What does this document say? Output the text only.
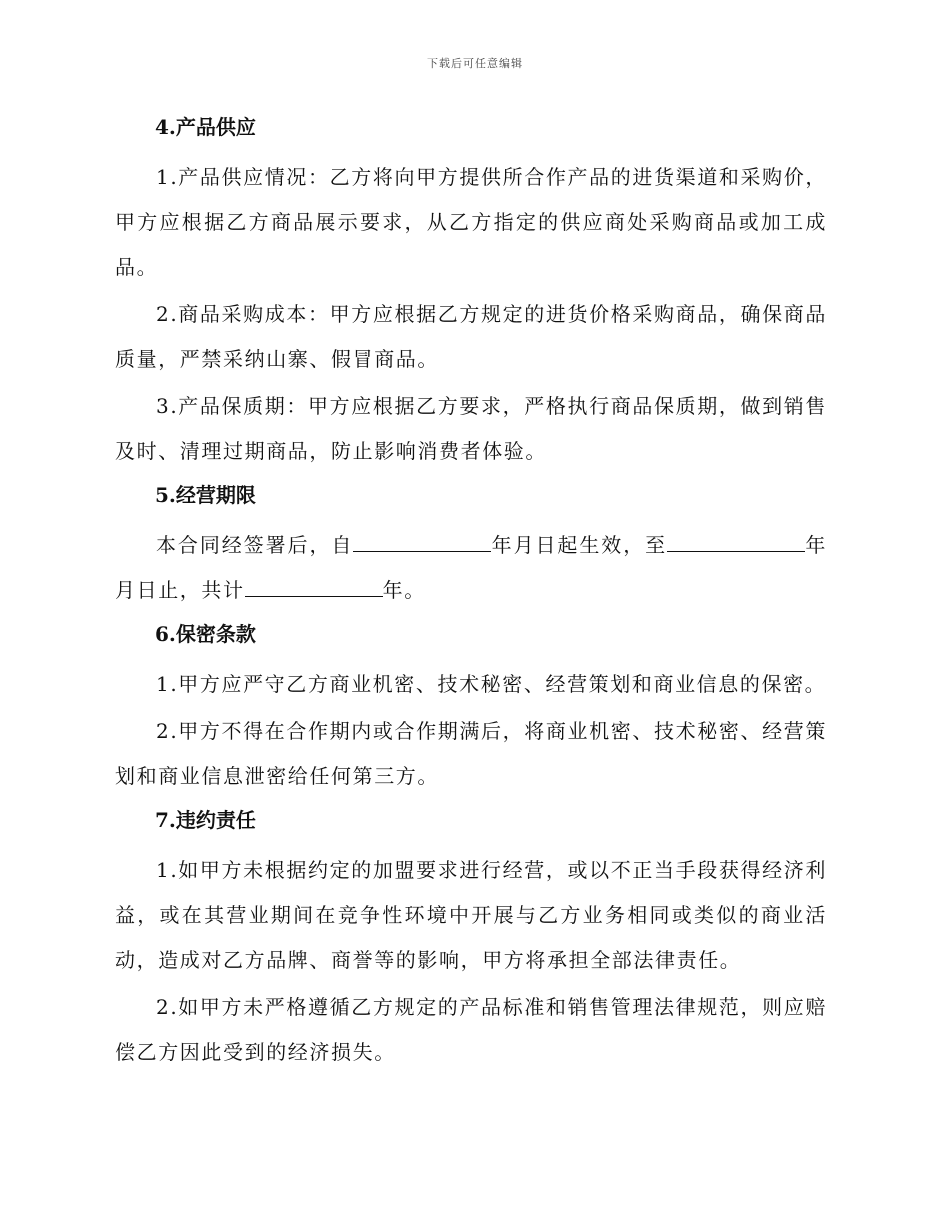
下载后可任意编辑
4.产品供应

1.产品供应情况：乙方将向甲方提供所合作产品的进货渠道和采购价，甲方应根据乙方商品展示要求，从乙方指定的供应商处采购商品或加工成品。

2.商品采购成本：甲方应根据乙方规定的进货价格采购商品，确保商品质量，严禁采纳山寨、假冒商品。

3.产品保质期：甲方应根据乙方要求，严格执行商品保质期，做到销售及时、清理过期商品，防止影响消费者体验。

5.经营期限

本合同经签署后，自	年月日起生效，至	年月日止，共计	年。

6.保密条款

1.甲方应严守乙方商业机密、技术秘密、经营策划和商业信息的保密。

2.甲方不得在合作期内或合作期满后，将商业机密、技术秘密、经营策划和商业信息泄密给任何第三方。

7.违约责任

1.如甲方未根据约定的加盟要求进行经营，或以不正当手段获得经济利益，或在其营业期间在竞争性环境中开展与乙方业务相同或类似的商业活动，造成对乙方品牌、商誉等的影响，甲方将承担全部法律责任。

2.如甲方未严格遵循乙方规定的产品标准和销售管理法律规范，则应赔偿乙方因此受到的经济损失。
